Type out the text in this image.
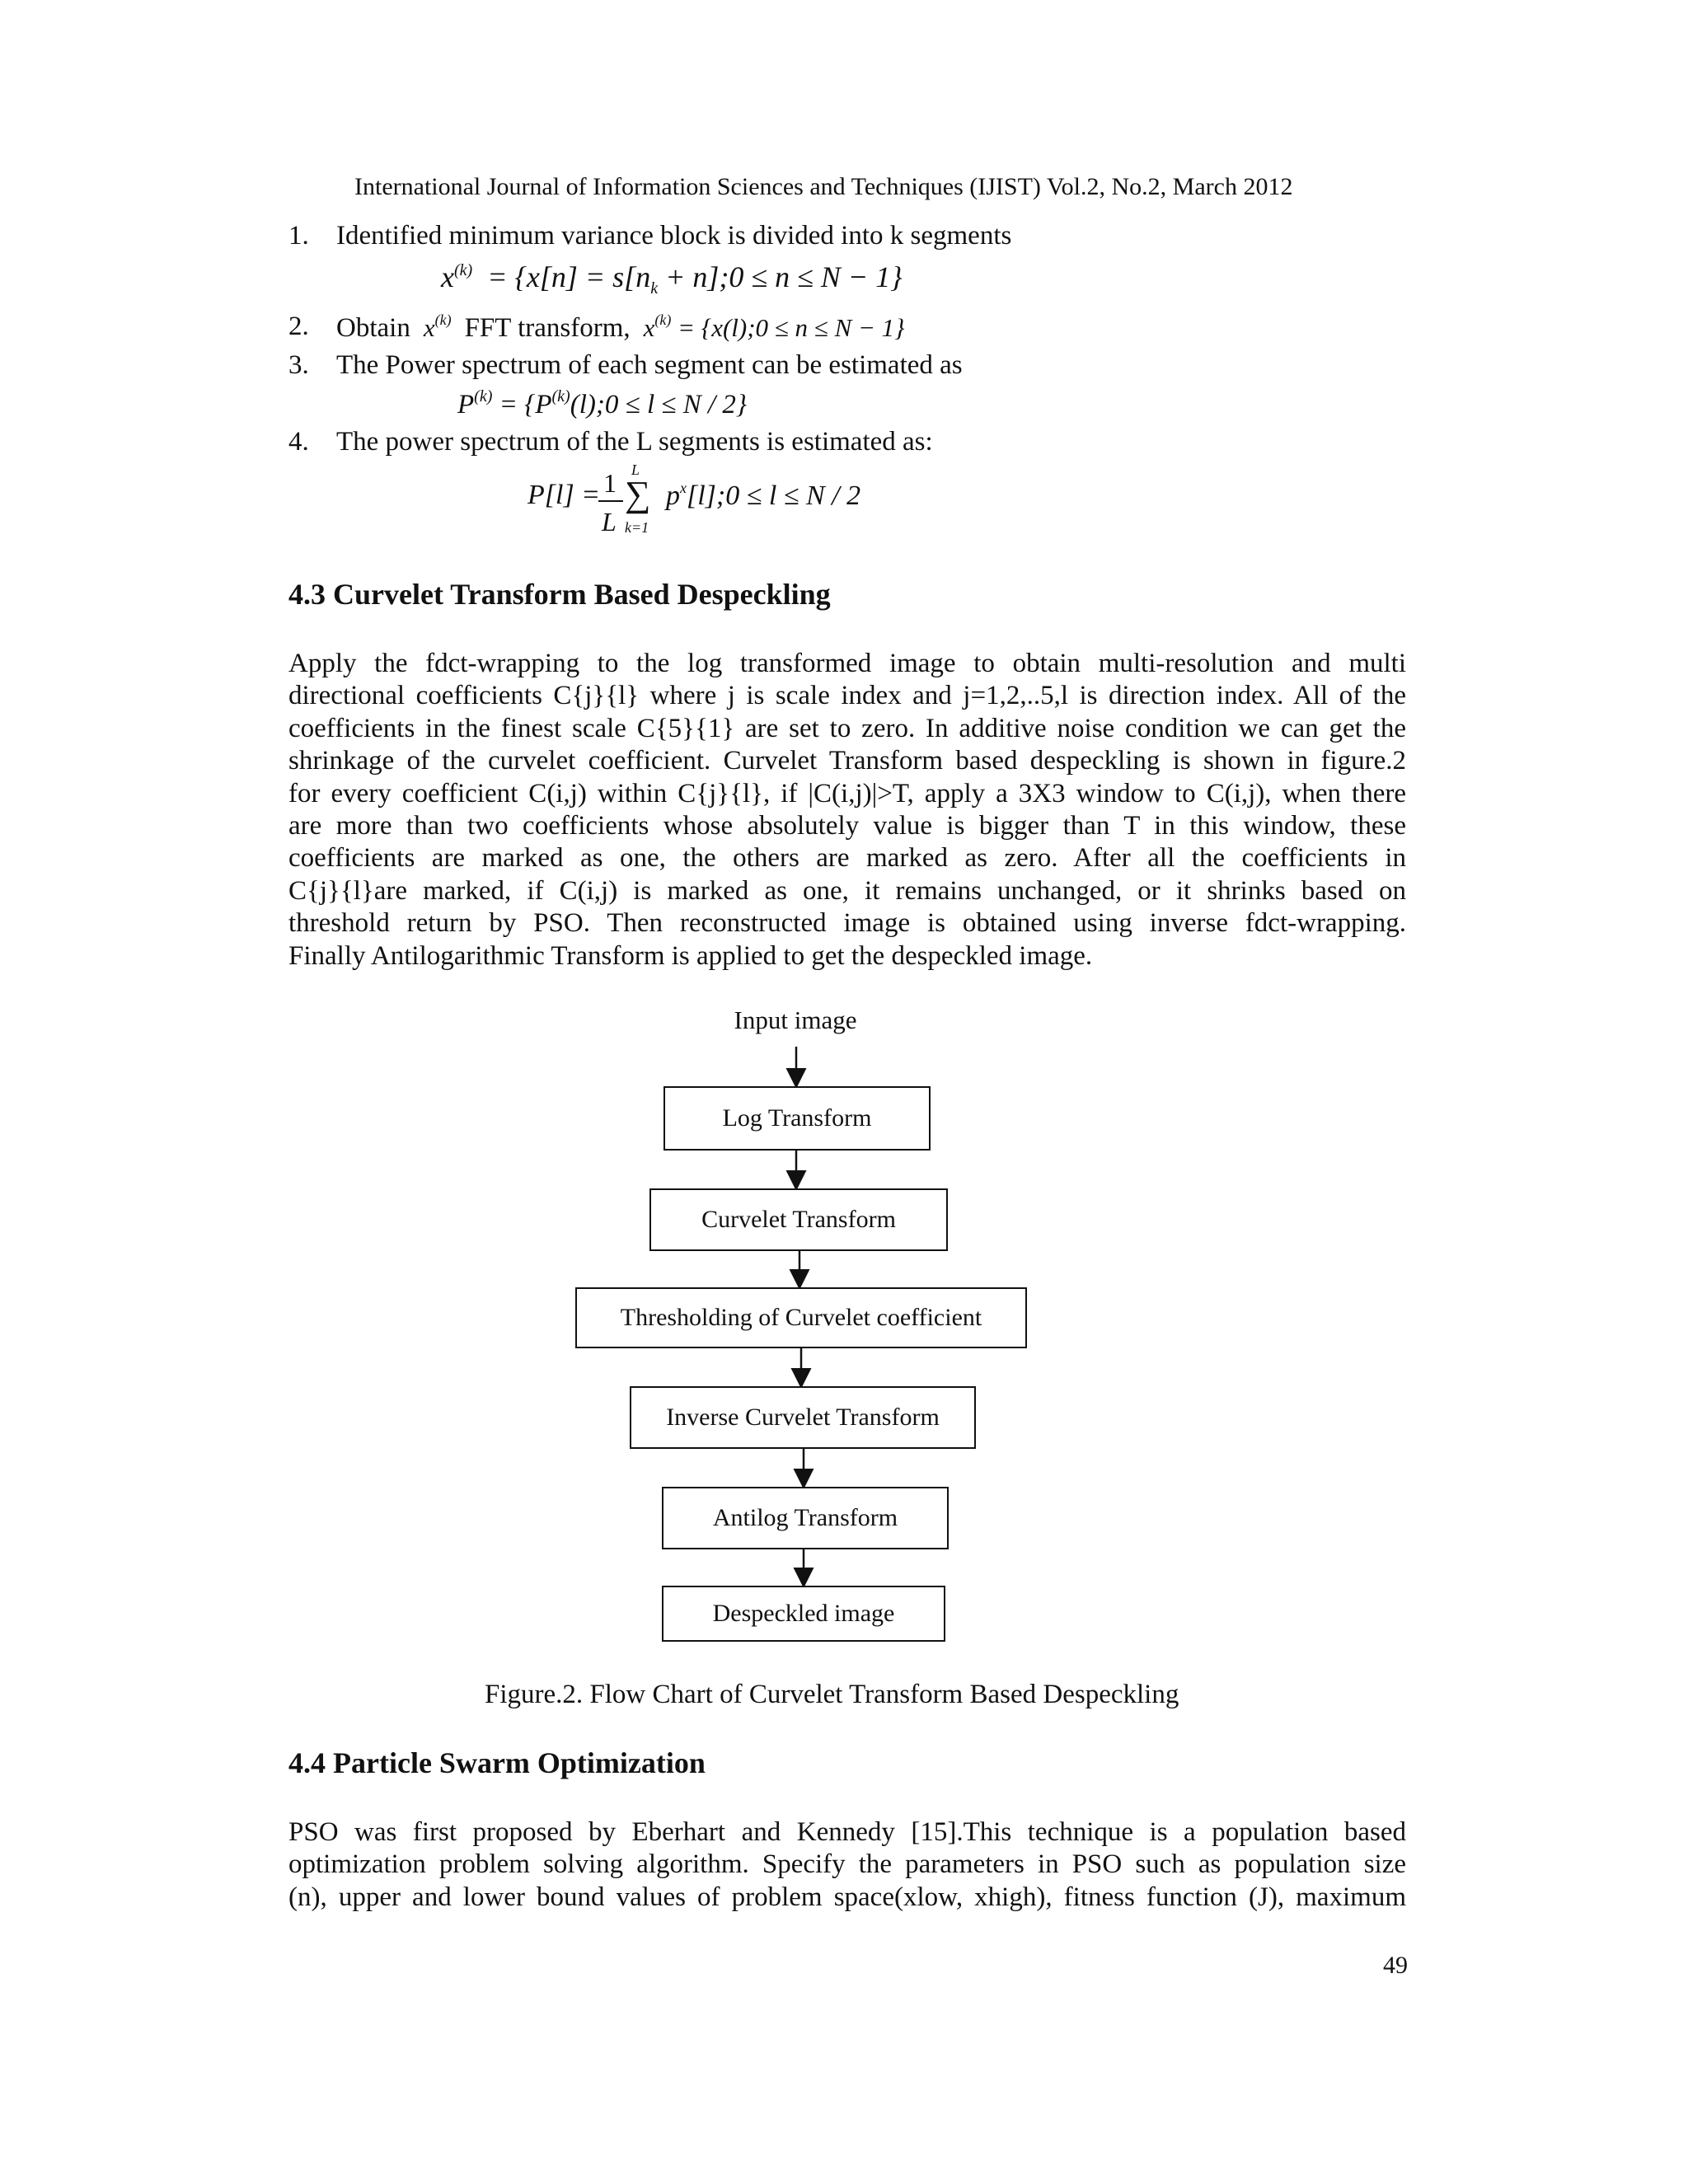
International Journal of Information Sciences and Techniques (IJIST) Vol.2, No.2, March 2012
1. Identified minimum variance block is divided into k segments
$x^{(k)} = \{x[n] = s[n_k$ + n];0 ≤ n ≤ N − 1}
2. Obtain  $x^{(k)}$ FFT transform,  $x^{(k)}$ = {x(l);0 ≤ n ≤ N − 1}
3. The Power spectrum of each segment can be estimated as
$P^{(k)}$ = $\{P^{(k)}(l);0 \le l \le N / 2\}$
4. The power spectrum of the L segments is estimated as:
P[l] = 1
L
L
∑
k=1
$p^x[l];0 \le l \le N / 2$
4.3 Curvelet Transform Based Despeckling
Apply the fdct-wrapping to the log transformed image to obtain multi-resolution and multi
directional coefficients C{j}{l} where j is scale index and j=1,2,..5,l is direction index. All of the
coefficients in the finest scale C{5}{1} are set to zero. In additive noise condition we can get the
shrinkage of the curvelet coefficient. Curvelet Transform based despeckling is shown in figure.2
for every coefficient C(i,j) within C{j}{l}, if |C(i,j)|>T, apply a 3X3 window to C(i,j), when there
are more than two coefficients whose absolutely value is bigger than T in this window, these
coefficients are marked as one, the others are marked as zero. After all the coefficients in
C{j}{l}are marked, if C(i,j) is marked as one, it remains unchanged, or it shrinks based on
threshold return by PSO. Then reconstructed image is obtained using inverse fdct-wrapping.
Finally Antilogarithmic Transform is applied to get the despeckled image.
Input image
Log Transform
Curvelet Transform
Thresholding of Curvelet coefficient
Inverse Curvelet Transform
Antilog Transform
Despeckled image
Figure.2. Flow Chart of Curvelet Transform Based Despeckling
4.4 Particle Swarm Optimization
PSO was first proposed by Eberhart and Kennedy [15].This technique is a population based
optimization problem solving algorithm. Specify the parameters in PSO such as population size
(n), upper and lower bound values of problem space(xlow, xhigh), fitness function (J), maximum
49
